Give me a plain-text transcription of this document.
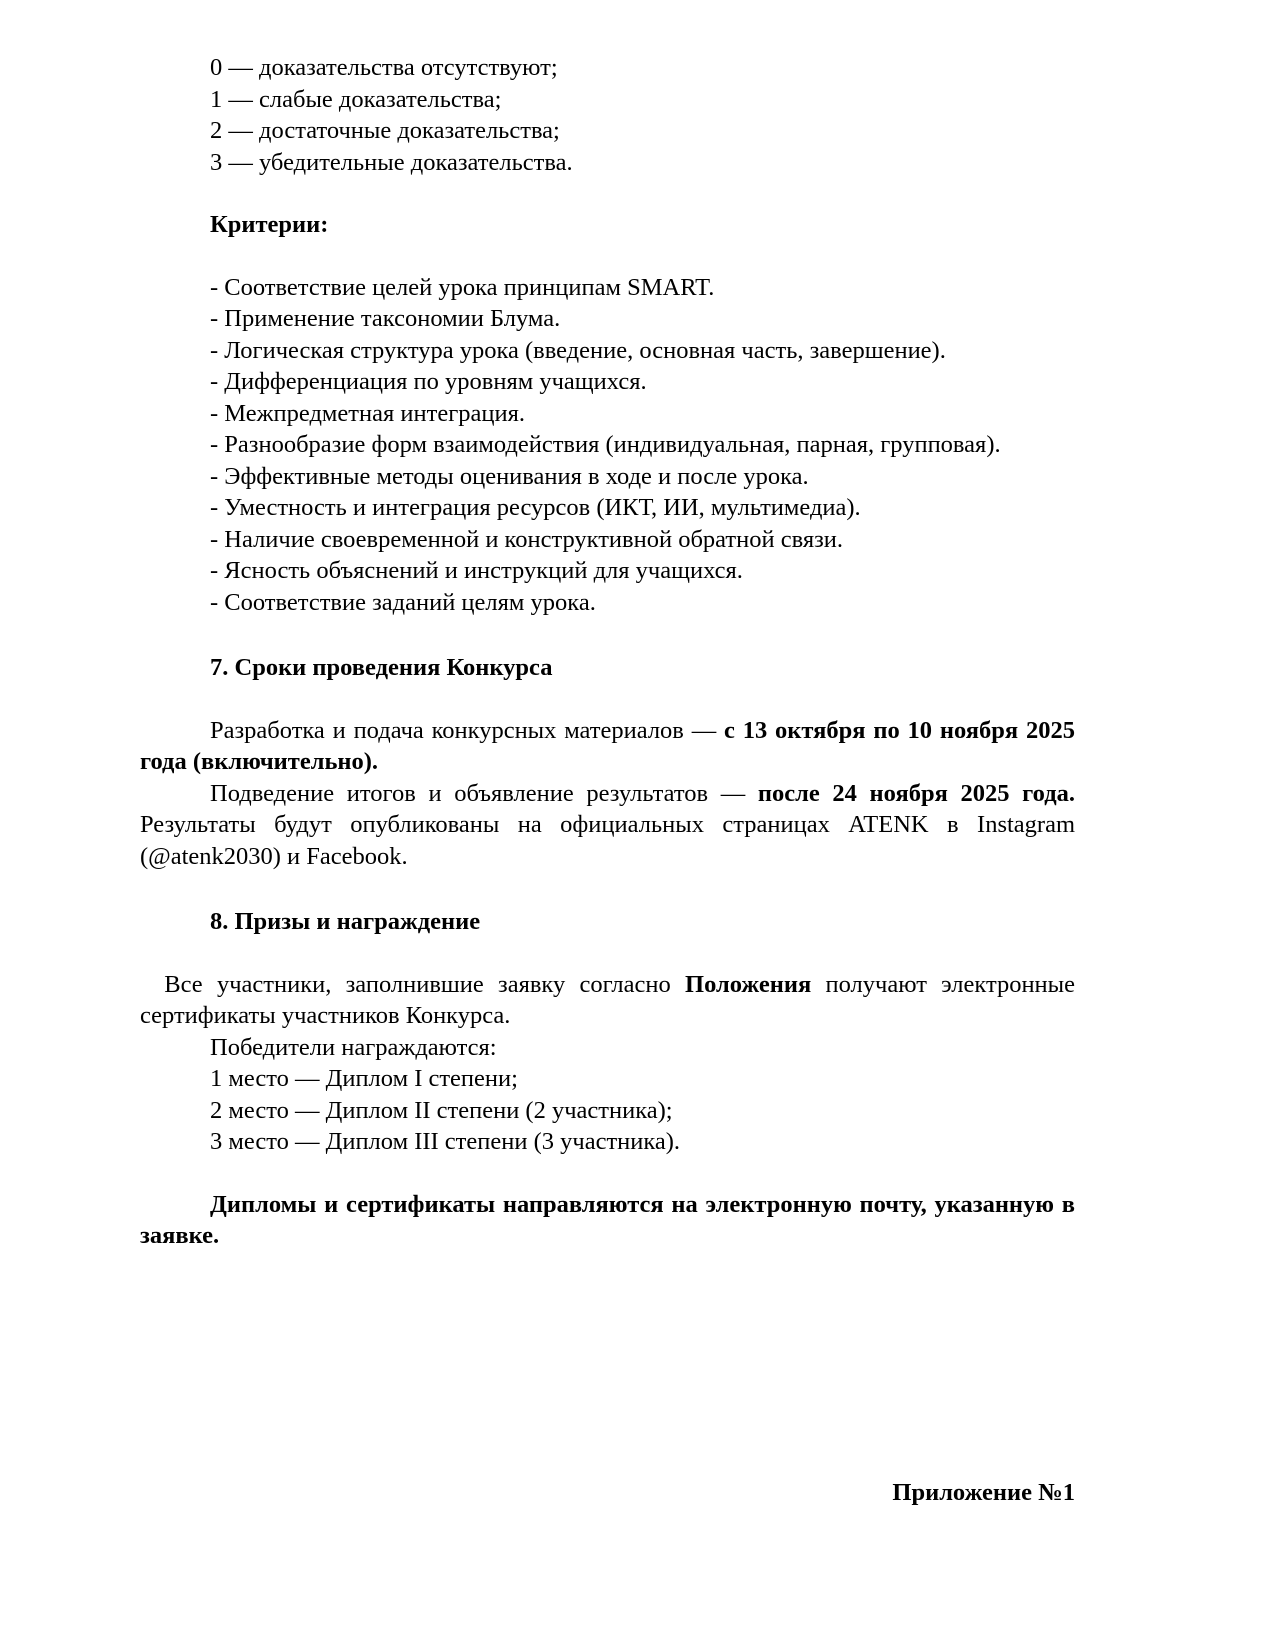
0 — доказательства отсутствуют;
1 — слабые доказательства;
2 — достаточные доказательства;
3 — убедительные доказательства.
Критерии:
- Соответствие целей урока принципам SMART.
- Применение таксономии Блума.
- Логическая структура урока (введение, основная часть, завершение).
- Дифференциация по уровням учащихся.
- Межпредметная интеграция.
- Разнообразие форм взаимодействия (индивидуальная, парная, групповая).
- Эффективные методы оценивания в ходе и после урока.
- Уместность и интеграция ресурсов (ИКТ, ИИ, мультимедиа).
- Наличие своевременной и конструктивной обратной связи.
- Ясность объяснений и инструкций для учащихся.
- Соответствие заданий целям урока.
7. Сроки проведения Конкурса

Разработка и подача конкурсных материалов — с 13 октября по 10 ноября 2025 года (включительно).

Подведение итогов и объявление результатов — после 24 ноября 2025 года. Результаты будут опубликованы на официальных страницах ATENK в Instagram (@atenk2030) и Facebook.

8. Призы и награждение

Все участники, заполнившие заявку согласно Положения получают электронные сертификаты участников Конкурса.

Победители награждаются:
1 место — Диплом I степени;
2 место — Диплом II степени (2 участника);
3 место — Диплом III степени (3 участника).

Дипломы и сертификаты направляются на электронную почту, указанную в заявке.

Приложение №1
